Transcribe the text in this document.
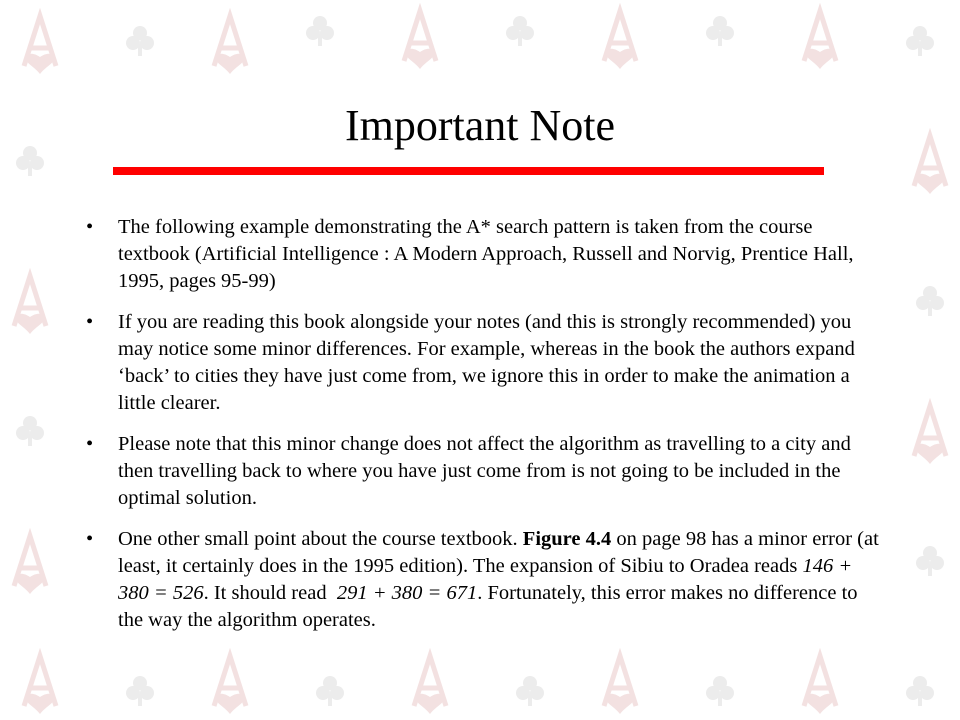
Important Note
• The following example demonstrating the A* search pattern is taken from the course textbook (Artificial Intelligence : A Modern Approach, Russell and Norvig, Prentice Hall, 1995, pages 95-99)
• If you are reading this book alongside your notes (and this is strongly recommended) you may notice some minor differences. For example, whereas in the book the authors expand ‘back’ to cities they have just come from, we ignore this in order to make the animation a little clearer.
• Please note that this minor change does not affect the algorithm as travelling to a city and then travelling back to where you have just come from is not going to be included in the optimal solution.
• One other small point about the course textbook. Figure 4.4 on page 98 has a minor error (at least, it certainly does in the 1995 edition). The expansion of Sibiu to Oradea reads 146 + 380 = 526. It should read  291 + 380 = 671. Fortunately, this error makes no difference to the way the algorithm operates.
